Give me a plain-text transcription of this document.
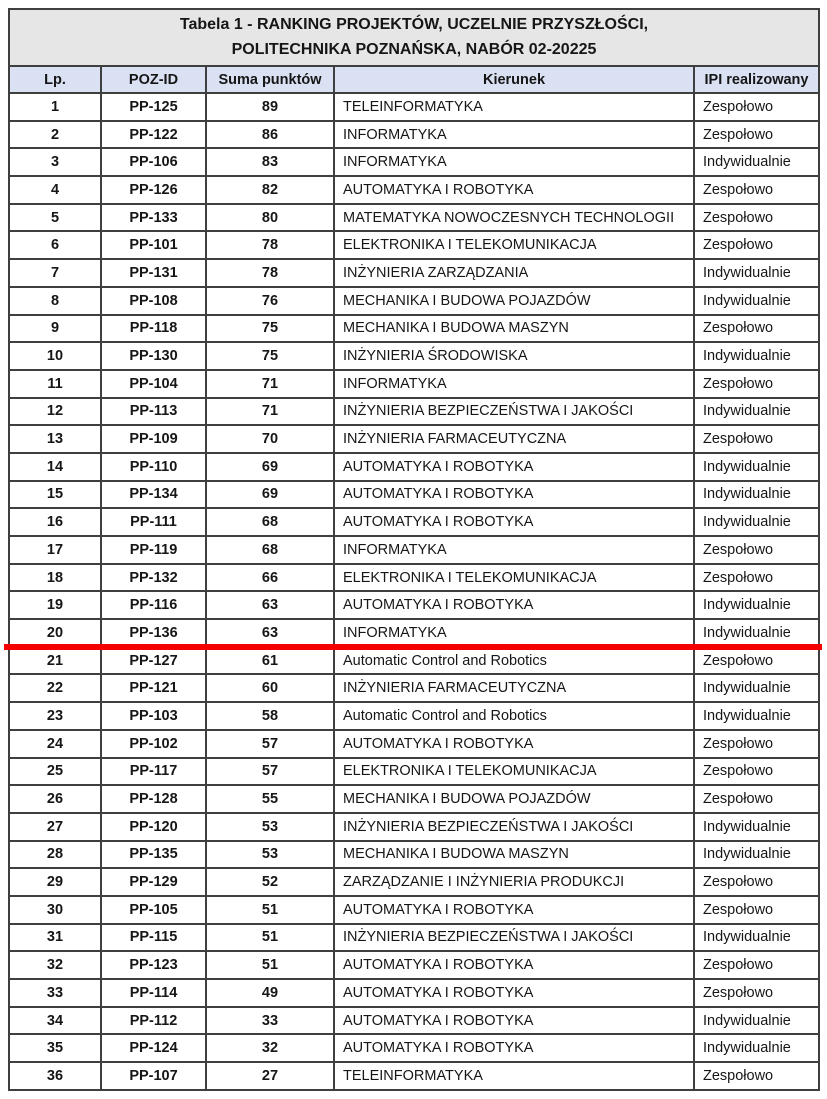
Tabela 1 - RANKING PROJEKTÓW, UCZELNIE PRZYSZŁOŚCI,
POLITECHNIKA POZNAŃSKA, NABÓR 02-20225
Lp.	POZ-ID	Suma punktów	Kierunek	IPI realizowany
1	PP-125	89	TELEINFORMATYKA	Zespołowo
2	PP-122	86	INFORMATYKA	Zespołowo
3	PP-106	83	INFORMATYKA	Indywidualnie
4	PP-126	82	AUTOMATYKA I ROBOTYKA	Zespołowo
5	PP-133	80	MATEMATYKA NOWOCZESNYCH TECHNOLOGII	Zespołowo
6	PP-101	78	ELEKTRONIKA I TELEKOMUNIKACJA	Zespołowo
7	PP-131	78	INŻYNIERIA ZARZĄDZANIA	Indywidualnie
8	PP-108	76	MECHANIKA I BUDOWA POJAZDÓW	Indywidualnie
9	PP-118	75	MECHANIKA I BUDOWA MASZYN	Zespołowo
10	PP-130	75	INŻYNIERIA ŚRODOWISKA	Indywidualnie
11	PP-104	71	INFORMATYKA	Zespołowo
12	PP-113	71	INŻYNIERIA BEZPIECZEŃSTWA I JAKOŚCI	Indywidualnie
13	PP-109	70	INŻYNIERIA FARMACEUTYCZNA	Zespołowo
14	PP-110	69	AUTOMATYKA I ROBOTYKA	Indywidualnie
15	PP-134	69	AUTOMATYKA I ROBOTYKA	Indywidualnie
16	PP-111	68	AUTOMATYKA I ROBOTYKA	Indywidualnie
17	PP-119	68	INFORMATYKA	Zespołowo
18	PP-132	66	ELEKTRONIKA I TELEKOMUNIKACJA	Zespołowo
19	PP-116	63	AUTOMATYKA I ROBOTYKA	Indywidualnie
20	PP-136	63	INFORMATYKA	Indywidualnie
21	PP-127	61	Automatic Control and Robotics	Zespołowo
22	PP-121	60	INŻYNIERIA FARMACEUTYCZNA	Indywidualnie
23	PP-103	58	Automatic Control and Robotics	Indywidualnie
24	PP-102	57	AUTOMATYKA I ROBOTYKA	Zespołowo
25	PP-117	57	ELEKTRONIKA I TELEKOMUNIKACJA	Zespołowo
26	PP-128	55	MECHANIKA I BUDOWA POJAZDÓW	Zespołowo
27	PP-120	53	INŻYNIERIA BEZPIECZEŃSTWA I JAKOŚCI	Indywidualnie
28	PP-135	53	MECHANIKA I BUDOWA MASZYN	Indywidualnie
29	PP-129	52	ZARZĄDZANIE I INŻYNIERIA PRODUKCJI	Zespołowo
30	PP-105	51	AUTOMATYKA I ROBOTYKA	Zespołowo
31	PP-115	51	INŻYNIERIA BEZPIECZEŃSTWA I JAKOŚCI	Indywidualnie
32	PP-123	51	AUTOMATYKA I ROBOTYKA	Zespołowo
33	PP-114	49	AUTOMATYKA I ROBOTYKA	Zespołowo
34	PP-112	33	AUTOMATYKA I ROBOTYKA	Indywidualnie
35	PP-124	32	AUTOMATYKA I ROBOTYKA	Indywidualnie
36	PP-107	27	TELEINFORMATYKA	Zespołowo
